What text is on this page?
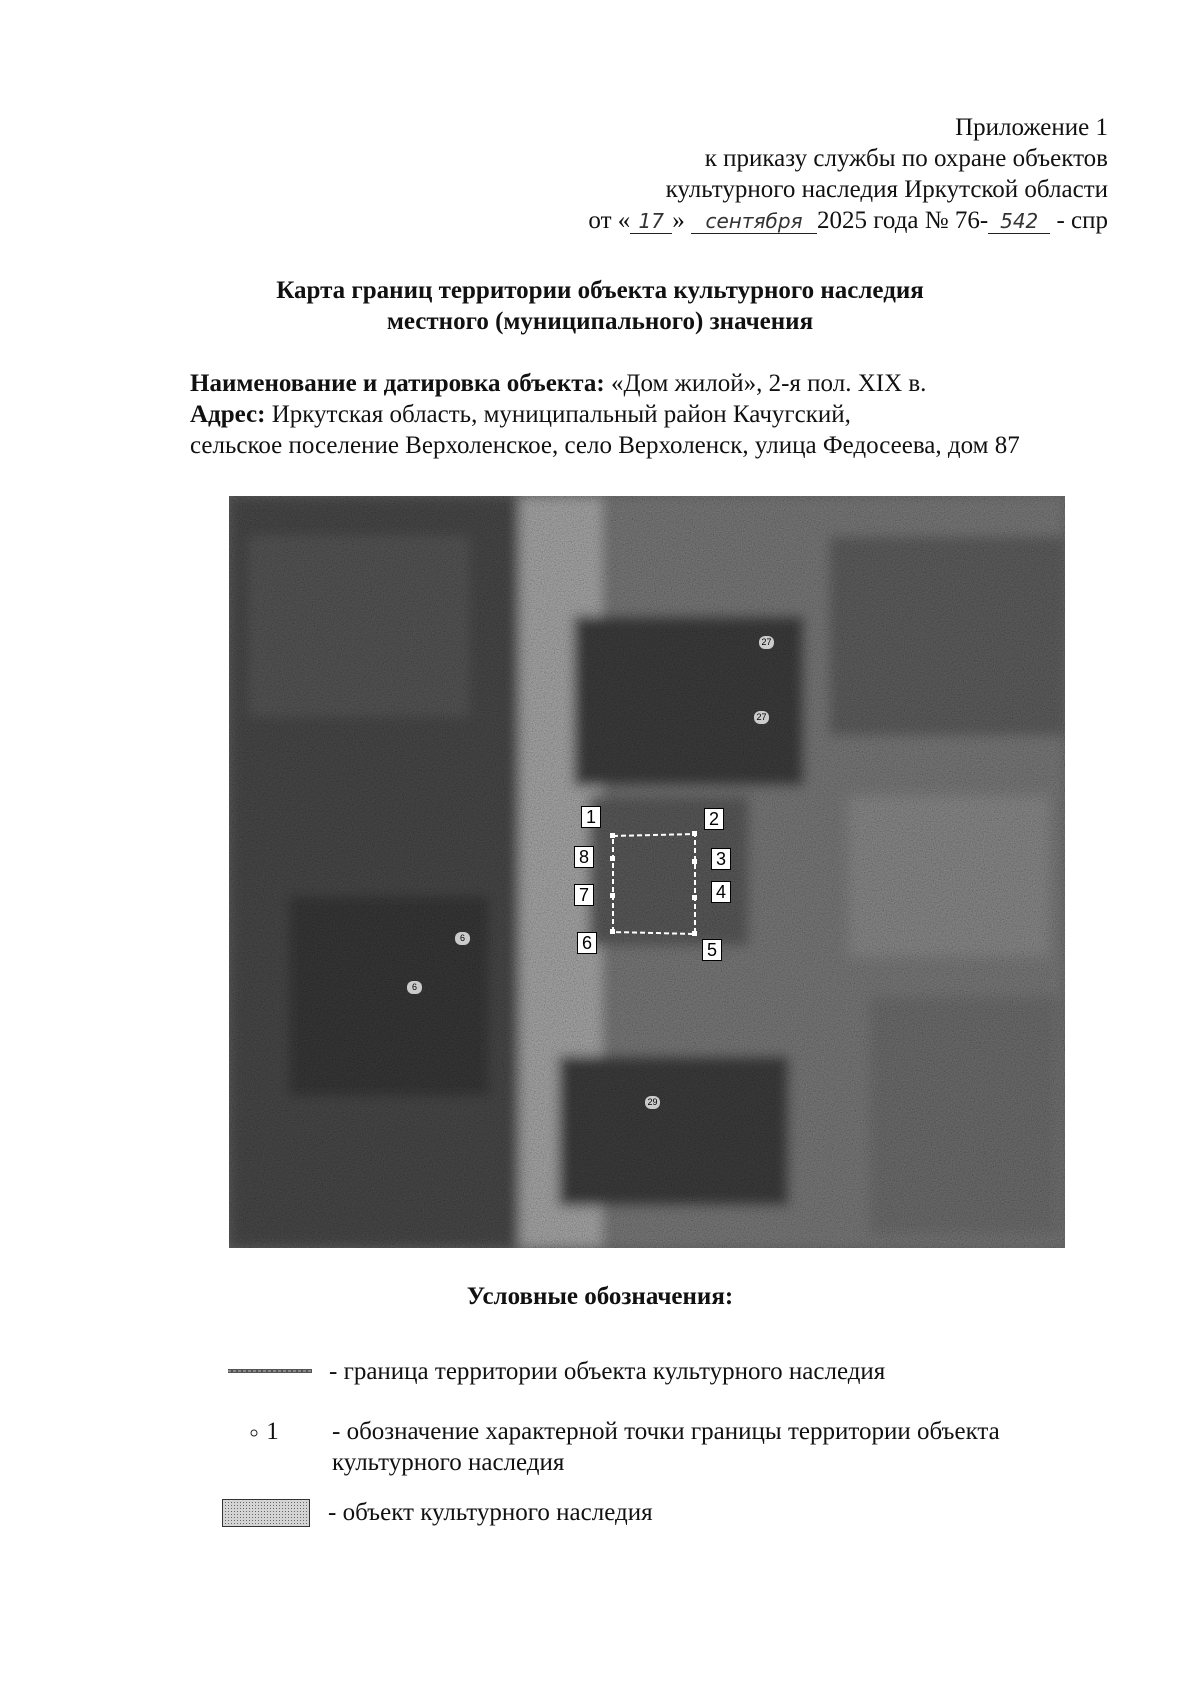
Приложение 1
к приказу службы по охране объектов
культурного наследия Иркутской области
от « 17 » сентября 2025 года № 76- 542 - спр
Карта границ территории объекта культурного наследия
местного (муниципального) значения
Наименование и датировка объекта: «Дом жилой», 2-я пол. XIX в.
Адрес: Иркутская область, муниципальный район Качугский,
сельское поселение Верхоленское, село Верхоленск, улица Федосеева, дом 87
1	2
3
4
5
6
7
8
27
27
29
6
6
Условные обозначения:
- граница территории объекта культурного наследия
1 - обозначение характерной точки границы территории объекта культурного наследия
- объект культурного наследия
